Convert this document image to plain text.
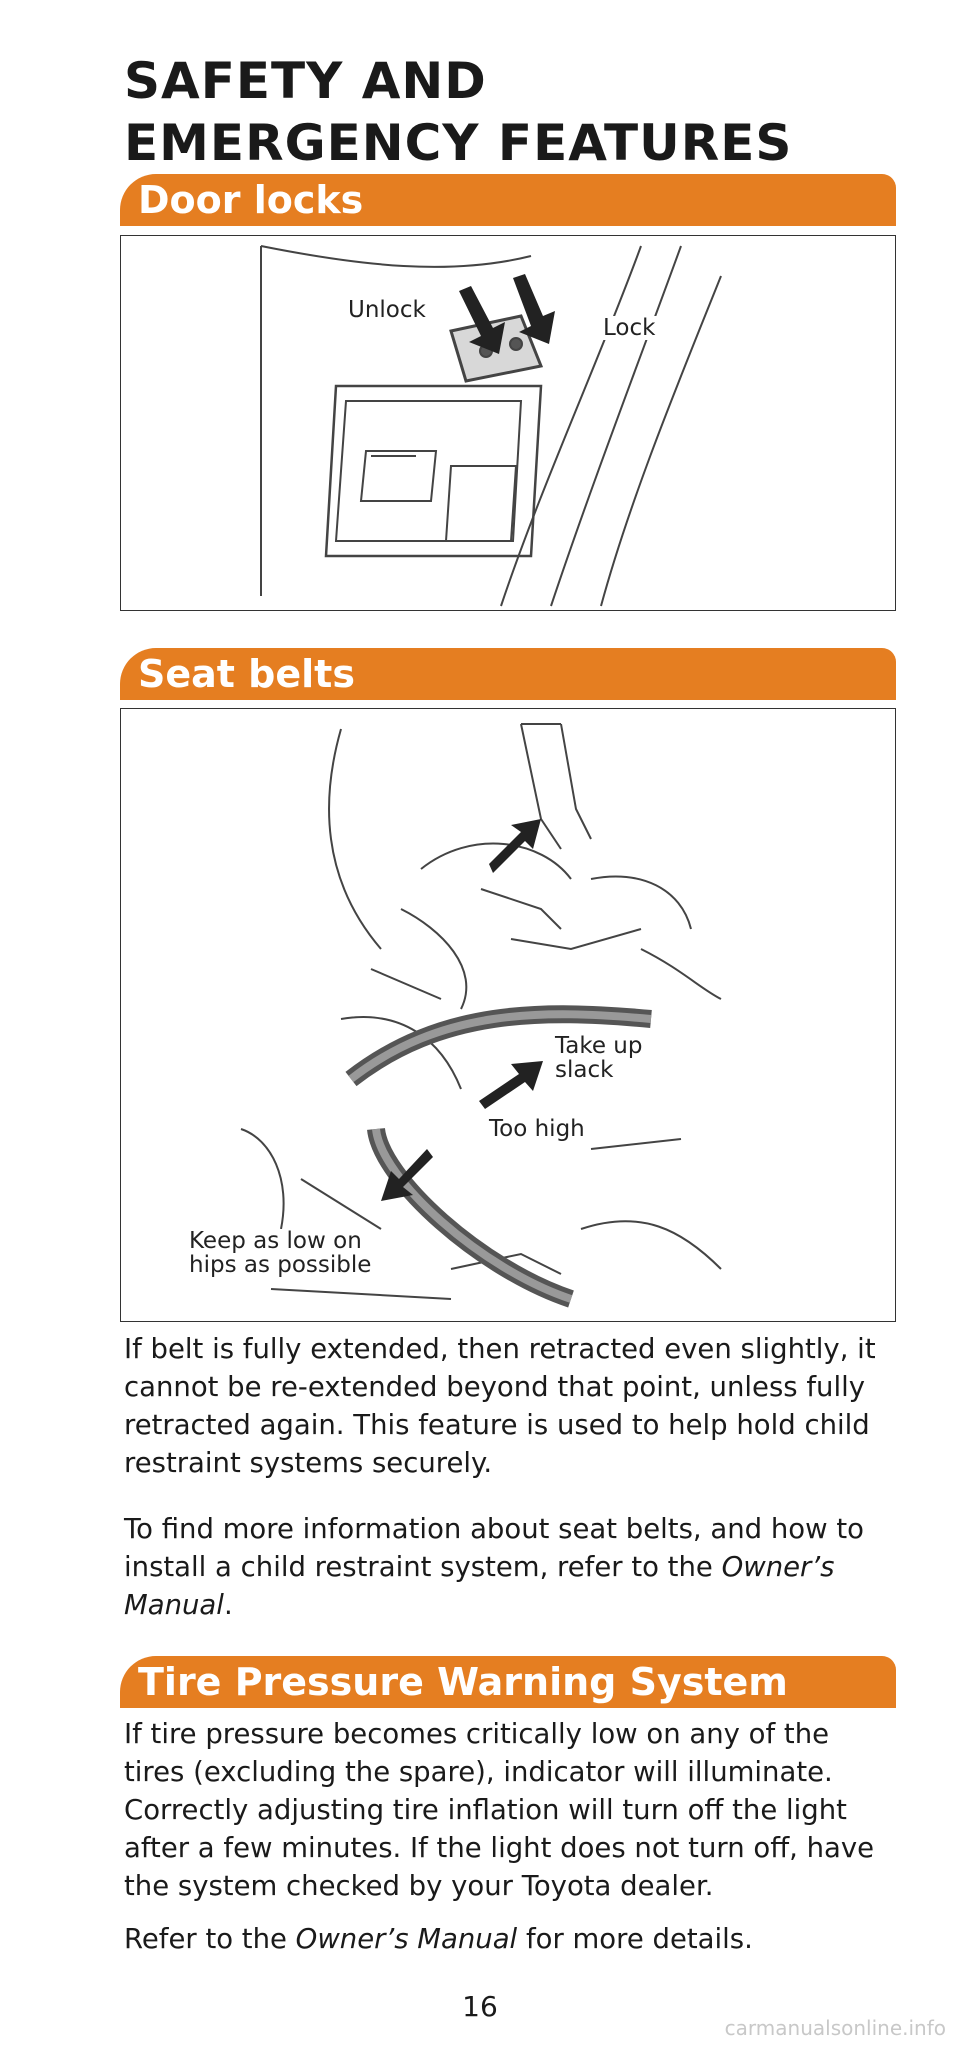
SAFETY AND
EMERGENCY FEATURES
Door locks
Unlock
Lock
Seat belts
Take up
slack
Too high
Keep as low on
hips as possible
If belt is fully extended, then retracted even slightly, it cannot be re-extended beyond that point, unless fully retracted again. This feature is used to help hold child restraint systems securely.
To find more information about seat belts, and how to install a child restraint system, refer to the Owner’s Manual.
Tire Pressure Warning System
If tire pressure becomes critically low on any of the tires (excluding the spare), indicator will illuminate. Correctly adjusting tire inflation will turn off the light after a few minutes. If the light does not turn off, have the system checked by your Toyota dealer.
Refer to the Owner’s Manual for more details.
16
carmanualsonline.info
